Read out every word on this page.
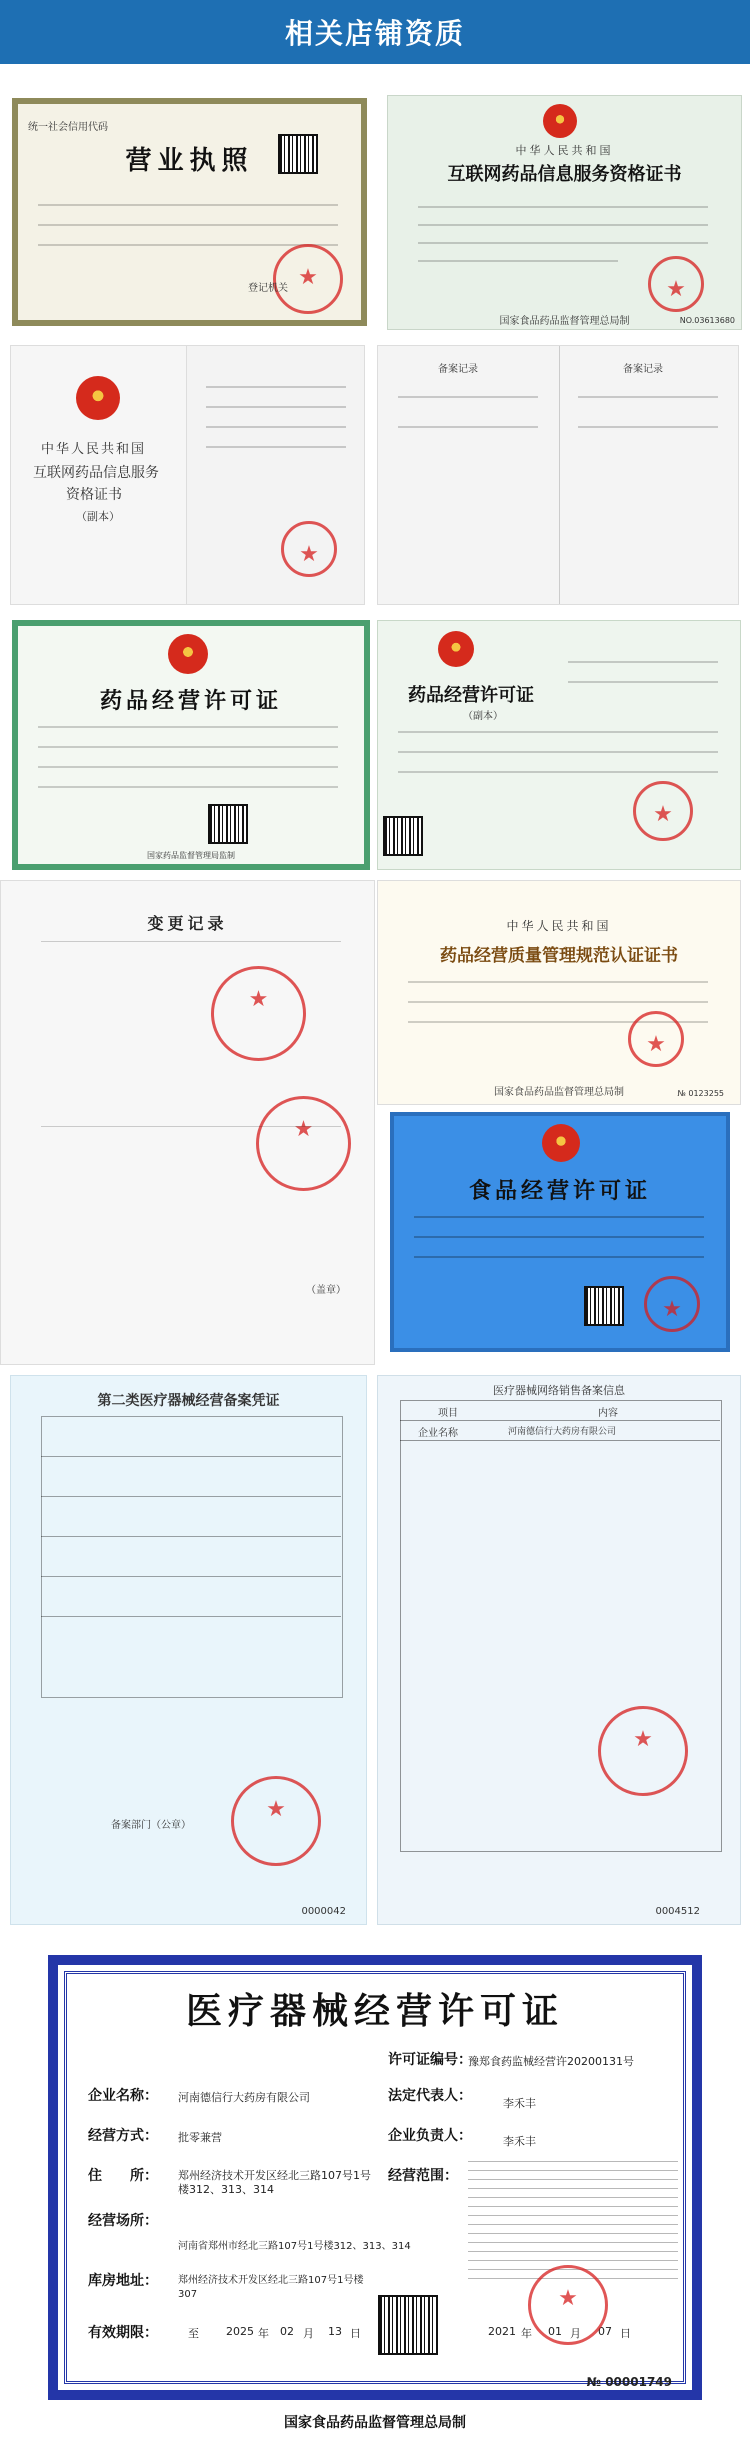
相关店铺资质
统一社会信用代码
营业执照
★
登记机关
中华人民共和国
互联网药品信息服务资格证书
★
国家食品药品监督管理总局制	NO.03613680
中华人民共和国
互联网药品信息服务
资格证书
（副本）
★
备案记录	备案记录
药品经营许可证
国家药品监督管理局监制
药品经营许可证
（副本）
★
变更记录
★
★
（盖章）
中华人民共和国
药品经营质量管理规范认证证书
★
国家食品药品监督管理总局制	№ 0123255
食品经营许可证
★
第二类医疗器械经营备案凭证
备案部门（公章）
★
0000042
医疗器械网络销售备案信息
项目	内容
企业名称	河南德信行大药房有限公司
★
0004512
医疗器械经营许可证
许可证编号：
豫郑食药监械经营许20200131号
企业名称： 河南德信行大药房有限公司	法定代表人：	李禾丰
经营方式： 批零兼营	企业负责人：	李禾丰
住　　所： 郑州经济技术开发区经北三路107号1号楼312、313、314
经营范围：
经营场所：
河南省郑州市经北三路107号1号楼312、313、314
库房地址： 郑州经济技术开发区经北三路107号1号楼307
有效期限：	至 2025 年 02 月 13 日	2021 年 01 月 07 日
★
№ 00001749
国家食品药品监督管理总局制
